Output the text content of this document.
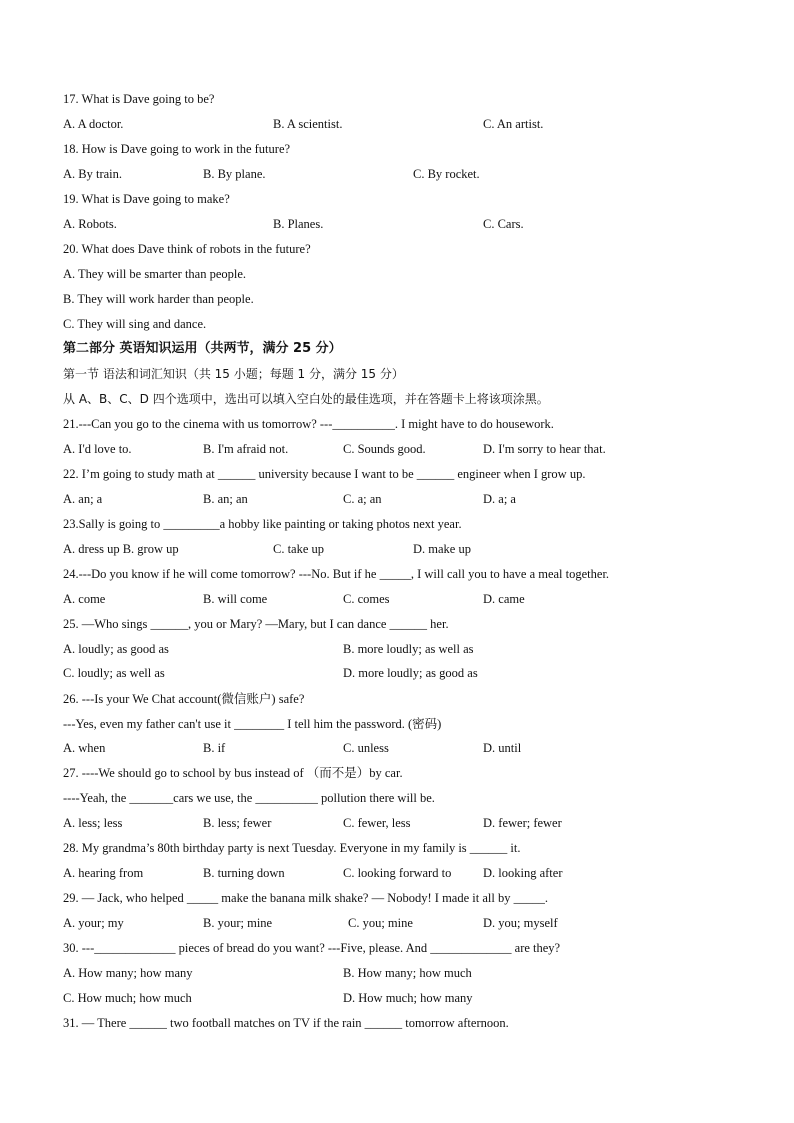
17. What is Dave going to be?
A. A doctor.	B. A scientist.	C. An artist.
18. How is Dave going to work in the future?
A. By train.	B. By plane.	C. By rocket.
19. What is Dave going to make?
A. Robots.	B. Planes.	C. Cars.
20. What does Dave think of robots in the future?
A. They will be smarter than people.
B. They will work harder than people.
C. They will sing and dance.
第二部分 英语知识运用（共两节，满分 25 分）
第一节 语法和词汇知识（共 15 小题；每题 1 分，满分 15 分）
从 A、B、C、D 四个选项中，选出可以填入空白处的最佳选项，并在答题卡上将该项涂黑。
21.---Can you go to the cinema with us tomorrow? ---__________. I might have to do housework.
A. I'd love to.	B. I'm afraid not.	C. Sounds good.	D. I'm sorry to hear that.
22. I’m going to study math at ______ university because I want to be ______ engineer when I grow up.
A. an; a	B. an; an	C. a; an	D. a; a
23.Sally is going to _________a hobby like painting or taking photos next year.
A. dress up B. grow up	C. take up	D. make up
24.---Do you know if he will come tomorrow? ---No. But if he _____, I will call you to have a meal together.
A. come	B. will come	C. comes	D. came
25. —Who sings ______, you or Mary? —Mary, but I can dance ______ her.
A. loudly; as good as	B. more loudly; as well as
C. loudly; as well as	D. more loudly; as good as
26. ---Is your We Chat account(微信账户) safe?
---Yes, even my father can't use it ________ I tell him the password. (密码)
A. when	B. if	C. unless	D. until
27. ----We should go to school by bus instead of （而不是）by car.
----Yeah, the _______cars we use, the __________ pollution there will be.
A. less; less	B. less; fewer	C. fewer, less	D. fewer; fewer
28. My grandma’s 80th birthday party is next Tuesday. Everyone in my family is ______ it.
A. hearing from	B. turning down	C. looking forward to	D. looking after
29. — Jack, who helped _____ make the banana milk shake? — Nobody! I made it all by _____.
A. your; my	B. your; mine	C. you; mine	D. you; myself
30. ---_____________ pieces of bread do you want? ---Five, please. And _____________ are they?
A. How many; how many	B. How many; how much
C. How much; how much	D. How much; how many
31. — There ______ two football matches on TV if the rain ______ tomorrow afternoon.
